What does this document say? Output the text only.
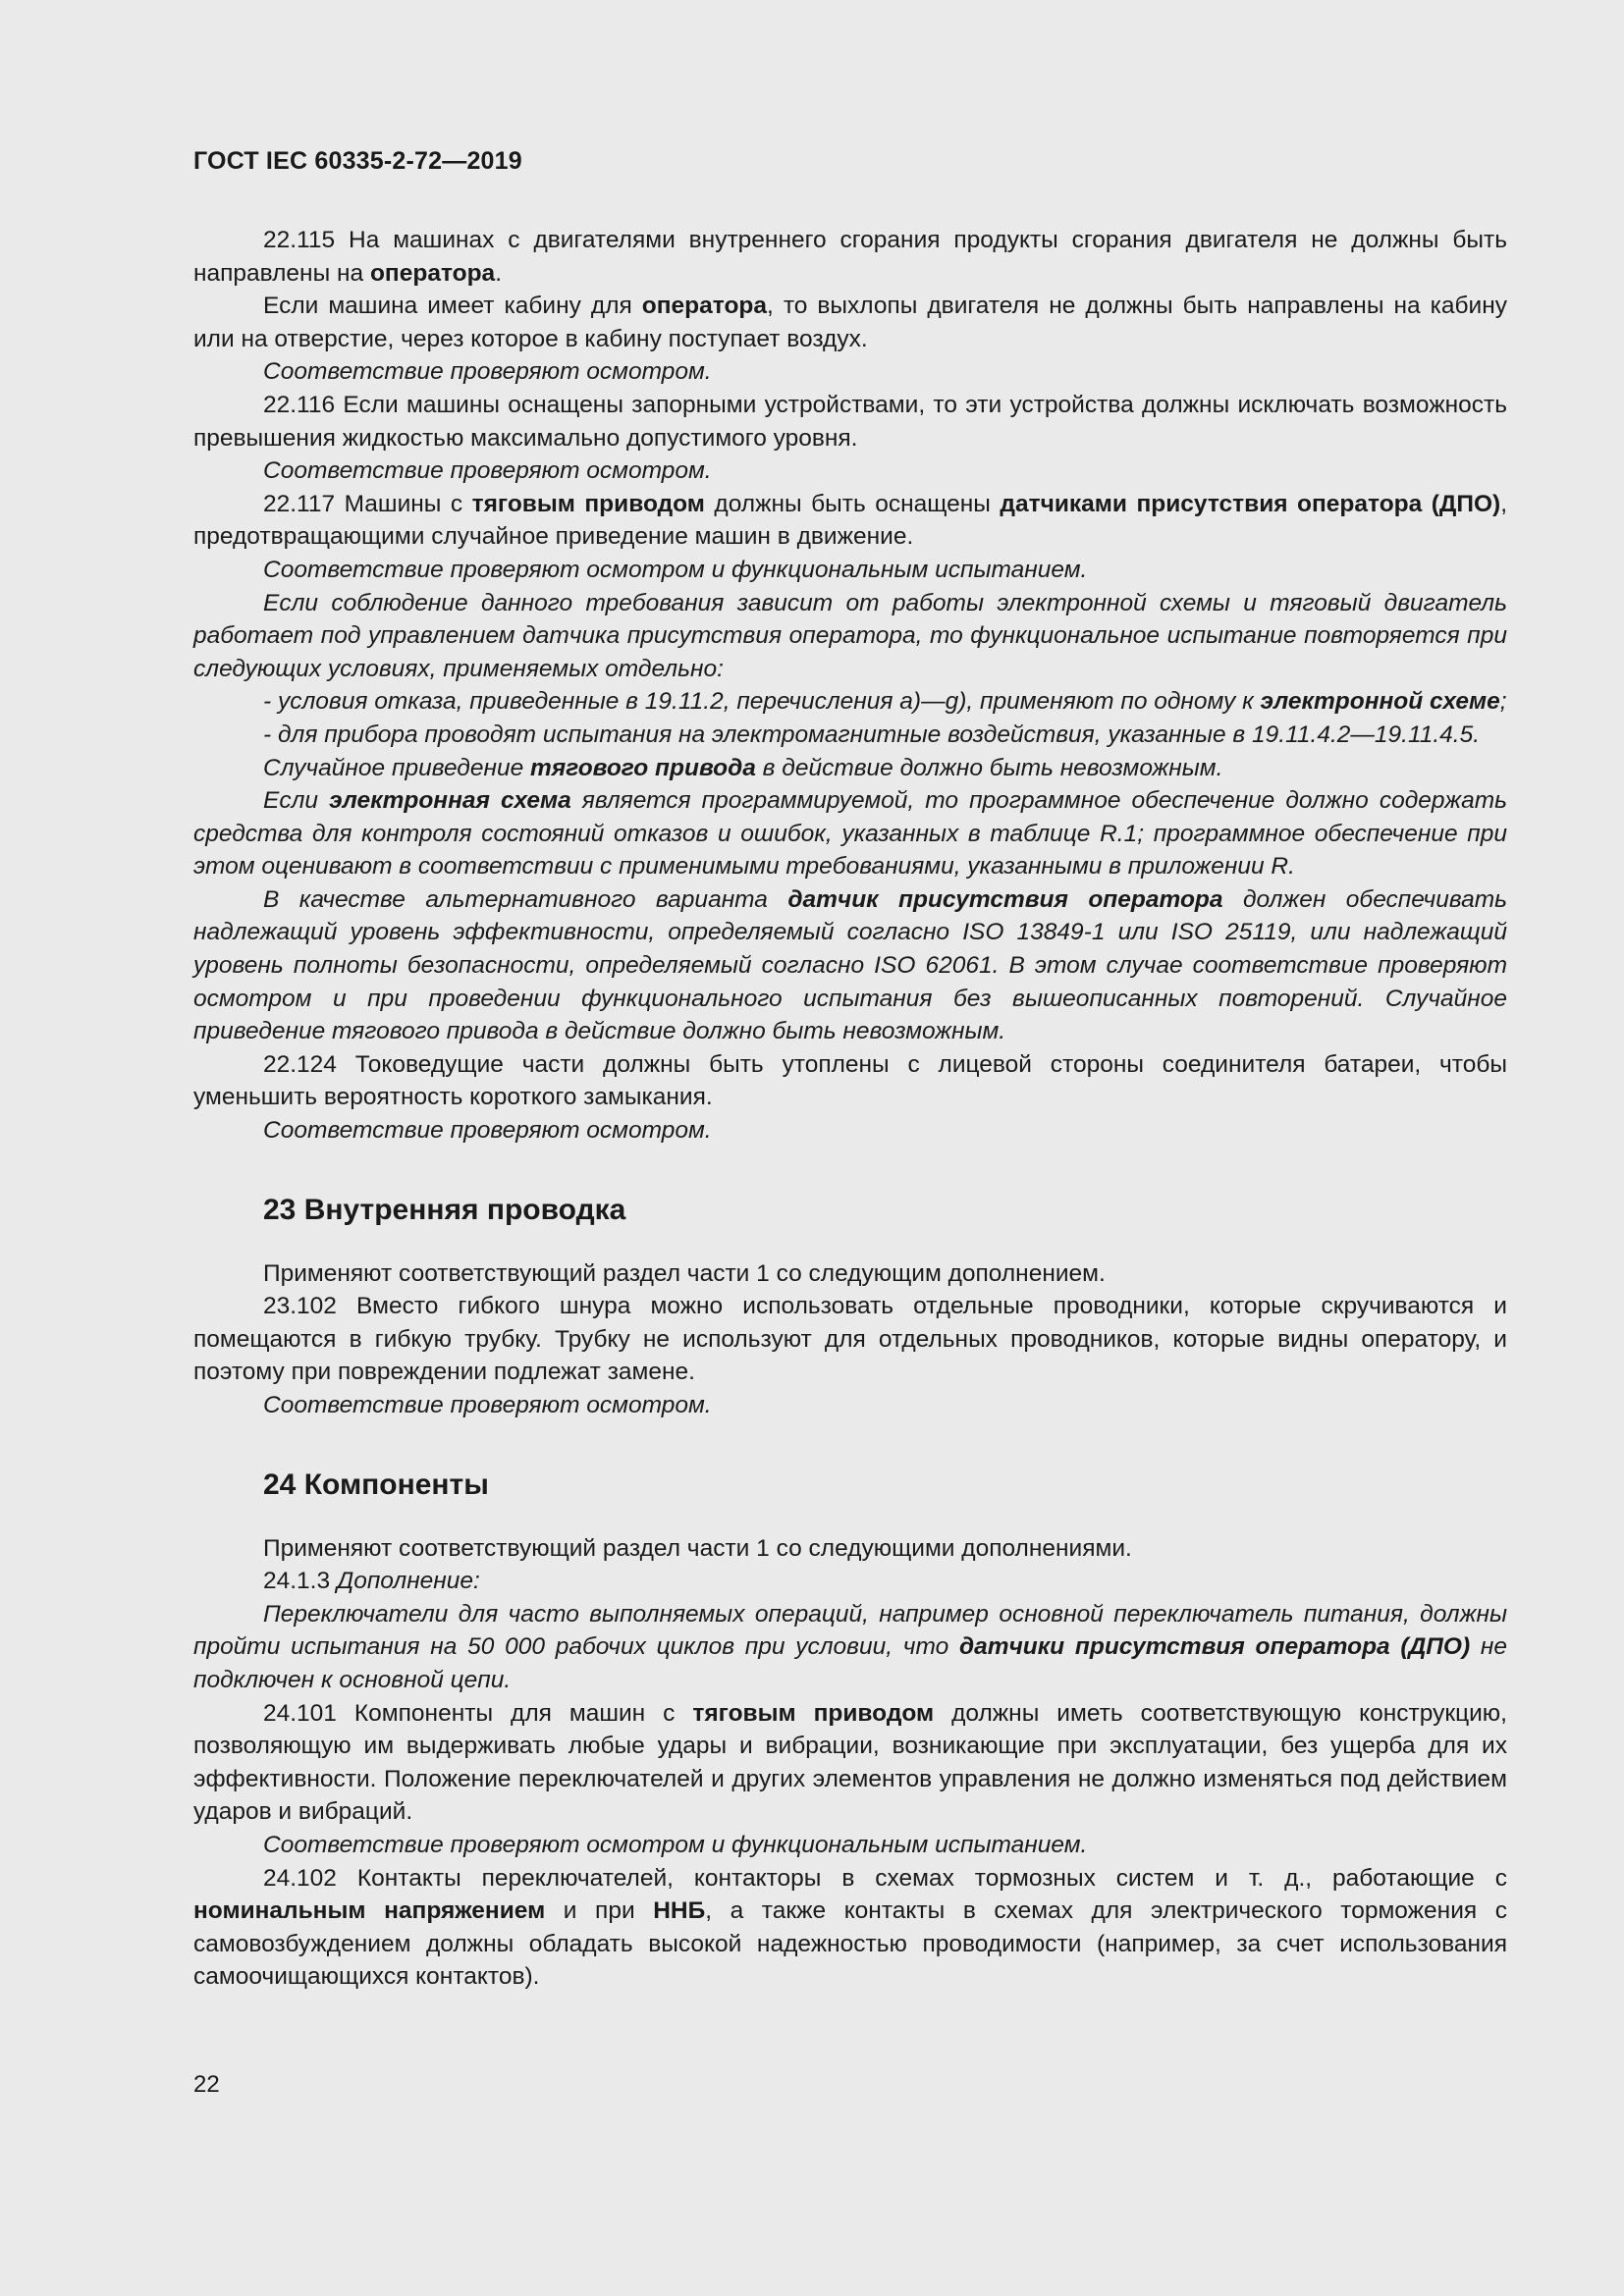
ГОСТ IEC 60335-2-72—2019

22.115 На машинах с двигателями внутреннего сгорания продукты сгорания двигателя не должны быть направлены на оператора.

Если машина имеет кабину для оператора, то выхлопы двигателя не должны быть направлены на кабину или на отверстие, через которое в кабину поступает воздух.

Соответствие проверяют осмотром.

22.116 Если машины оснащены запорными устройствами, то эти устройства должны исключать возможность превышения жидкостью максимально допустимого уровня.

Соответствие проверяют осмотром.

22.117 Машины с тяговым приводом должны быть оснащены датчиками присутствия оператора (ДПО), предотвращающими случайное приведение машин в движение.

Соответствие проверяют осмотром и функциональным испытанием.

Если соблюдение данного требования зависит от работы электронной схемы и тяговый двигатель работает под управлением датчика присутствия оператора, то функциональное испытание повторяется при следующих условиях, применяемых отдельно:

- условия отказа, приведенные в 19.11.2, перечисления а)—g), применяют по одному к электронной схеме;

- для прибора проводят испытания на электромагнитные воздействия, указанные в 19.11.4.2—19.11.4.5.

Случайное приведение тягового привода в действие должно быть невозможным.

Если электронная схема является программируемой, то программное обеспечение должно содержать средства для контроля состояний отказов и ошибок, указанных в таблице R.1; программное обеспечение при этом оценивают в соответствии с применимыми требованиями, указанными в приложении R.

В качестве альтернативного варианта датчик присутствия оператора должен обеспечивать надлежащий уровень эффективности, определяемый согласно ISO 13849-1 или ISO 25119, или надлежащий уровень полноты безопасности, определяемый согласно ISO 62061. В этом случае соответствие проверяют осмотром и при проведении функционального испытания без вышеописанных повторений. Случайное приведение тягового привода в действие должно быть невозможным.

22.124 Токоведущие части должны быть утоплены с лицевой стороны соединителя батареи, чтобы уменьшить вероятность короткого замыкания.

Соответствие проверяют осмотром.

23 Внутренняя проводка

Применяют соответствующий раздел части 1 со следующим дополнением.

23.102 Вместо гибкого шнура можно использовать отдельные проводники, которые скручиваются и помещаются в гибкую трубку. Трубку не используют для отдельных проводников, которые видны оператору, и поэтому при повреждении подлежат замене.

Соответствие проверяют осмотром.

24 Компоненты

Применяют соответствующий раздел части 1 со следующими дополнениями.

24.1.3 Дополнение:

Переключатели для часто выполняемых операций, например основной переключатель питания, должны пройти испытания на 50 000 рабочих циклов при условии, что датчики присутствия оператора (ДПО) не подключен к основной цепи.

24.101 Компоненты для машин с тяговым приводом должны иметь соответствующую конструкцию, позволяющую им выдерживать любые удары и вибрации, возникающие при эксплуатации, без ущерба для их эффективности. Положение переключателей и других элементов управления не должно изменяться под действием ударов и вибраций.

Соответствие проверяют осмотром и функциональным испытанием.

24.102 Контакты переключателей, контакторы в схемах тормозных систем и т. д., работающие с номинальным напряжением и при ННБ, а также контакты в схемах для электрического торможения с самовозбуждением должны обладать высокой надежностью проводимости (например, за счет использования самоочищающихся контактов).

22
